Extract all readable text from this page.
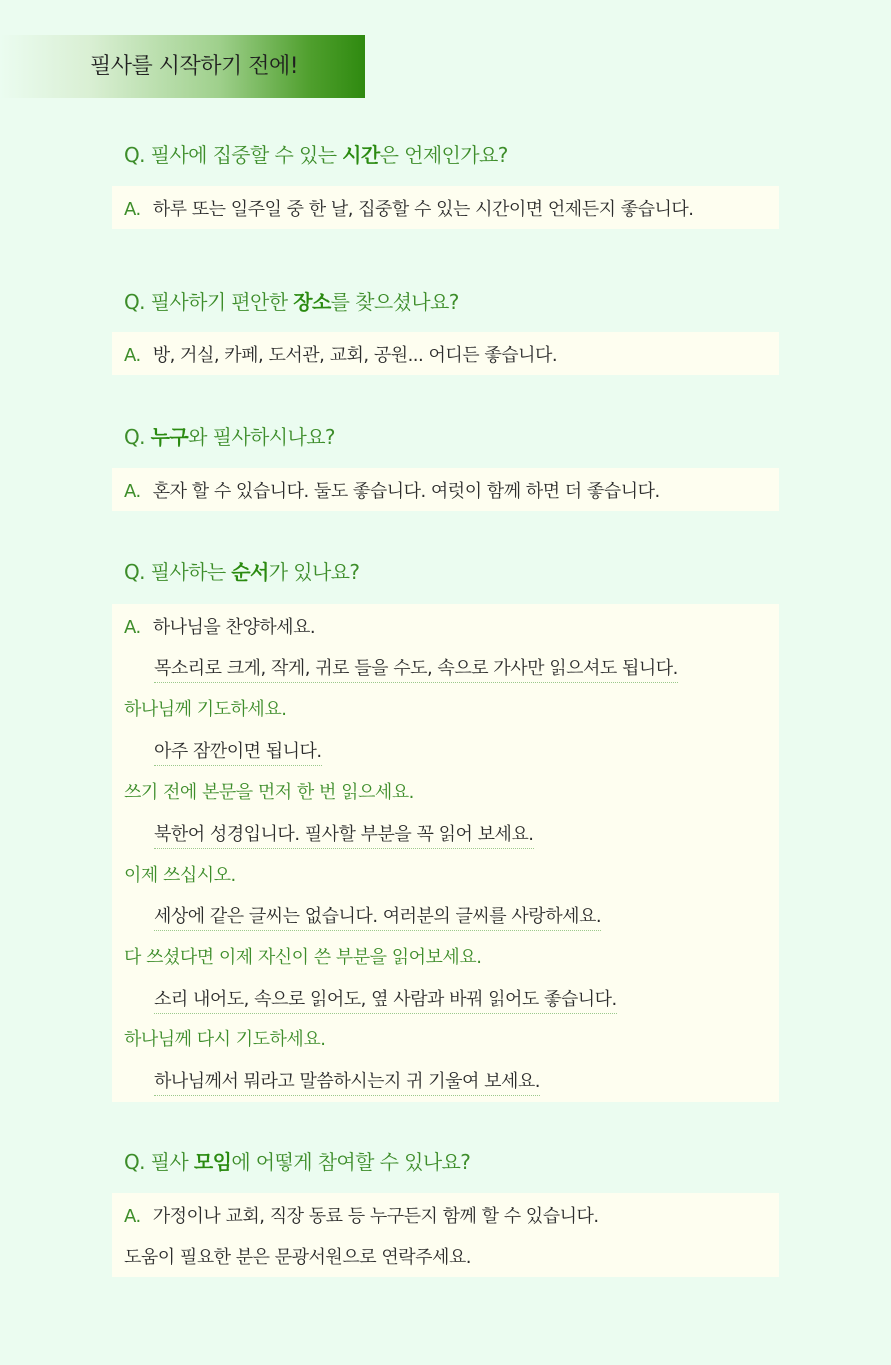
필사를 시작하기 전에!
Q. 필사에 집중할 수 있는 시간은 언제인가요?
A. 하루 또는 일주일 중 한 날, 집중할 수 있는 시간이면 언제든지 좋습니다.
Q. 필사하기 편안한 장소를 찾으셨나요?
A. 방, 거실, 카페, 도서관, 교회, 공원... 어디든 좋습니다.
Q. 누구와 필사하시나요?
A. 혼자 할 수 있습니다. 둘도 좋습니다. 여럿이 함께 하면 더 좋습니다.
Q. 필사하는 순서가 있나요?
A. 하나님을 찬양하세요.
목소리로 크게, 작게, 귀로 들을 수도, 속으로 가사만 읽으셔도 됩니다.
하나님께 기도하세요.
아주 잠깐이면 됩니다.
쓰기 전에 본문을 먼저 한 번 읽으세요.
북한어 성경입니다. 필사할 부분을 꼭 읽어 보세요.
이제 쓰십시오.
세상에 같은 글씨는 없습니다. 여러분의 글씨를 사랑하세요.
다 쓰셨다면 이제 자신이 쓴 부분을 읽어보세요.
소리 내어도, 속으로 읽어도, 옆 사람과 바꿔 읽어도 좋습니다.
하나님께 다시 기도하세요.
하나님께서 뭐라고 말씀하시는지 귀 기울여 보세요.
Q. 필사 모임에 어떻게 참여할 수 있나요?
A. 가정이나 교회, 직장 동료 등 누구든지 함께 할 수 있습니다.
도움이 필요한 분은 문광서원으로 연락주세요.
